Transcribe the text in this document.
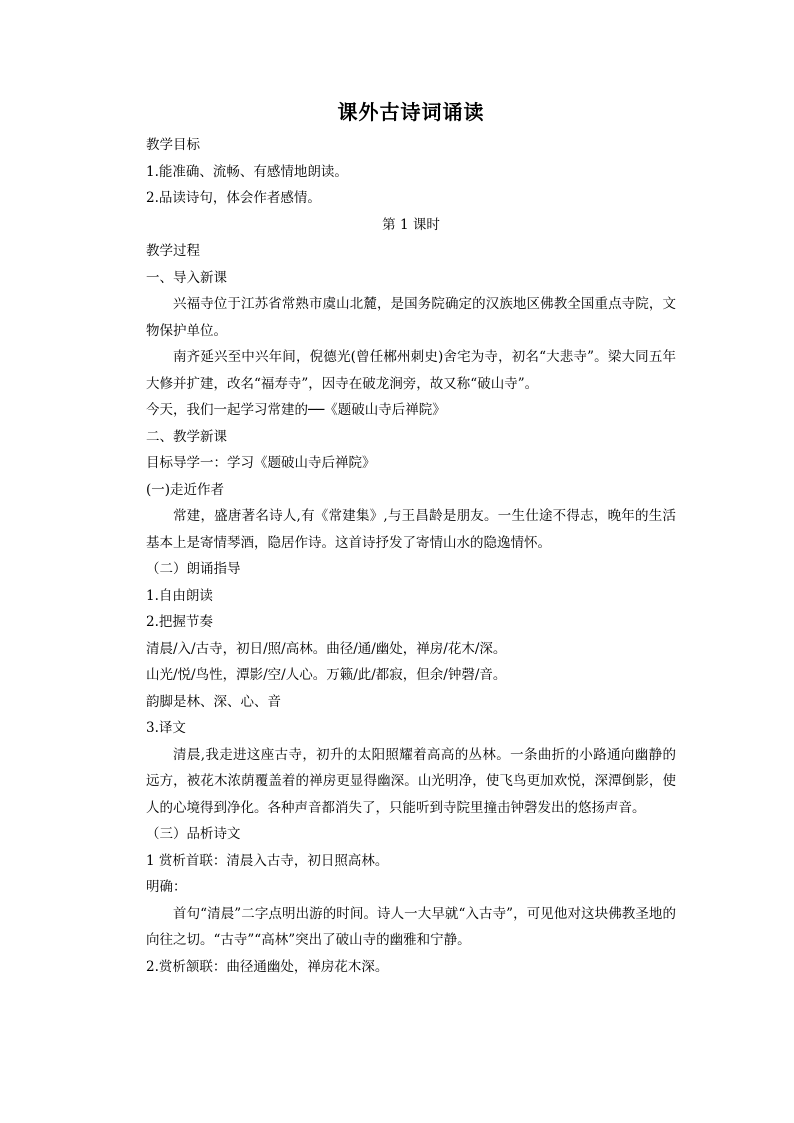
课外古诗词诵读

教学目标

1.能准确、流畅、有感情地朗读。

2.品读诗句，体会作者感情。

第 1 课时

教学过程

一、导入新课

兴福寺位于江苏省常熟市虞山北麓，是国务院确定的汉族地区佛教全国重点寺院，文物保护单位。

南齐延兴至中兴年间，倪德光(曾任郴州刺史)舍宅为寺，初名“大悲寺”。梁大同五年大修并扩建，改名“福寿寺”，因寺在破龙涧旁，故又称“破山寺”。

今天，我们一起学习常建的──《题破山寺后禅院》

二、教学新课

目标导学一：学习《题破山寺后禅院》

(一)走近作者

常建，盛唐著名诗人,有《常建集》,与王昌龄是朋友。一生仕途不得志，晚年的生活基本上是寄情琴酒，隐居作诗。这首诗抒发了寄情山水的隐逸情怀。

（二）朗诵指导

1.自由朗读

2.把握节奏

清晨/入/古寺，初日/照/高林。曲径/通/幽处，禅房/花木/深。

山光/悦/鸟性，潭影/空/人心。万籁/此/都寂，但余/钟磬/音。

韵脚是林、深、心、音

3.译文

清晨,我走进这座古寺，初升的太阳照耀着高高的丛林。一条曲折的小路通向幽静的远方，被花木浓荫覆盖着的禅房更显得幽深。山光明净，使飞鸟更加欢悦，深潭倒影，使人的心境得到净化。各种声音都消失了，只能听到寺院里撞击钟磬发出的悠扬声音。

（三）品析诗文

1 赏析首联：清晨入古寺，初日照高林。

明确：

首句“清晨”二字点明出游的时间。诗人一大早就“入古寺”，可见他对这块佛教圣地的向往之切。“古寺”“高林”突出了破山寺的幽雅和宁静。

2.赏析颔联：曲径通幽处，禅房花木深。
